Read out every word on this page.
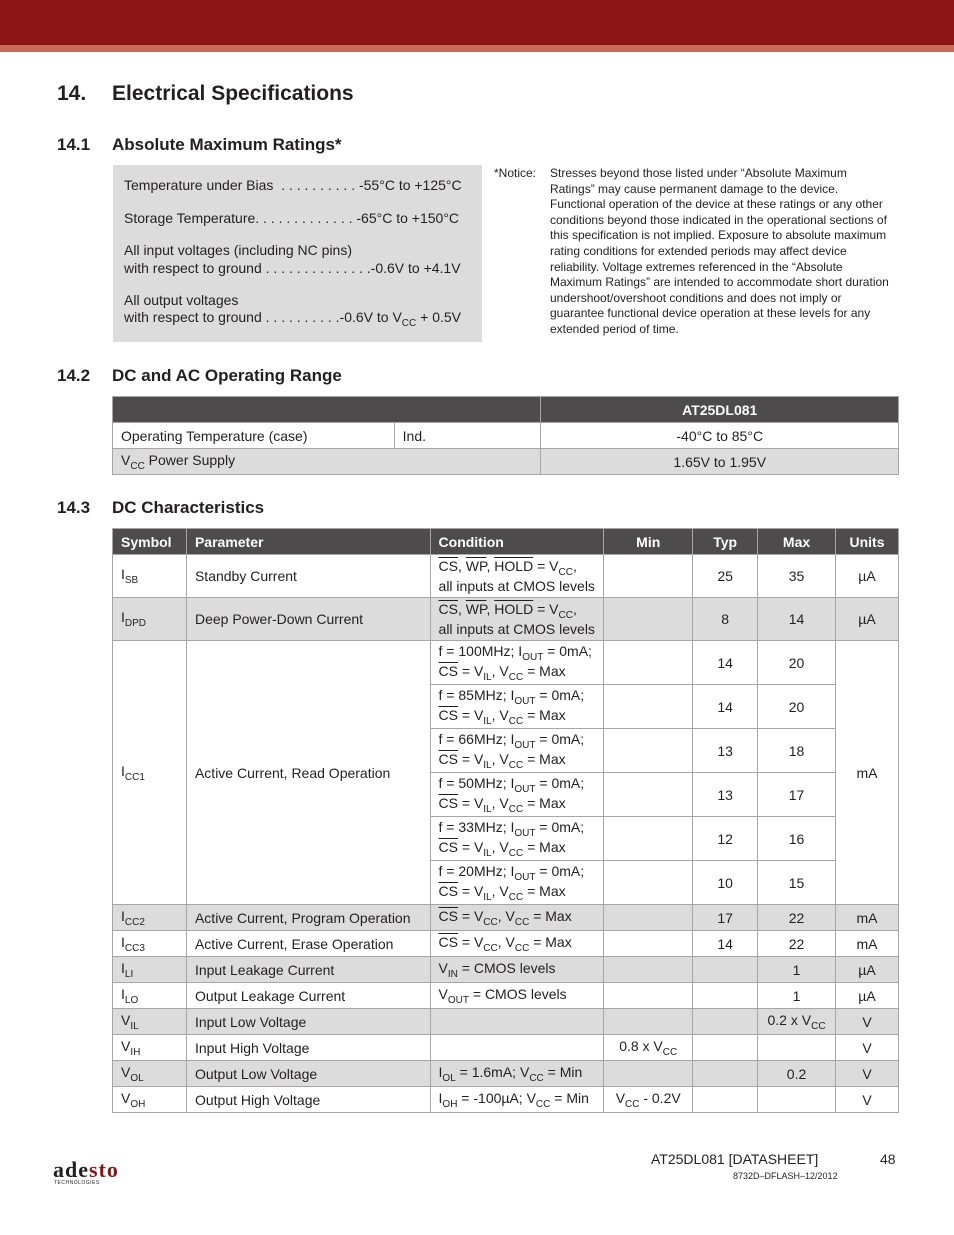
14. Electrical Specifications
14.1 Absolute Maximum Ratings*
Temperature under Bias  . . . . . . . . . . -55°C to +125°C
Storage Temperature. . . . . . . . . . . . . -65°C to +150°C
All input voltages (including NC pins)
with respect to ground . . . . . . . . . . . . . .-0.6V to +4.1V
All output voltages
with respect to ground . . . . . . . . . .-0.6V to $V_{CC} + 0.5V$
*Notice: Stresses beyond those listed under “Absolute Maximum Ratings” may cause permanent damage to the device. Functional operation of the device at these ratings or any other conditions beyond those indicated in the operational sections of this specification is not implied. Exposure to absolute maximum rating conditions for extended periods may affect device reliability. Voltage extremes referenced in the “Absolute Maximum Ratings” are intended to accommodate short duration undershoot/overshoot conditions and does not imply or guarantee functional device operation at these levels for any extended period of time.
14.2 DC and AC Operating Range
		AT25DL081
Operating Temperature (case)	Ind.	-40°C to 85°C
$V_{CC}$ Power Supply		1.65V to 1.95V
14.3 DC Characteristics
Symbol	Parameter	Condition	Min	Typ	Max	Units
$I_{SB}$	Standby Current	$\overline{CS}$, $\overline{WP}$, HOLD = $V_{CC}$,
all inputs at CMOS levels		25	35	µA
$I_{DPD}$	Deep Power-Down Current	$\overline{CS}$, $\overline{WP}$, HOLD = $V_{CC}$,
all inputs at CMOS levels		8	14	µA
$I_{CC1}$	Active Current, Read Operation	f = 100MHz; $I_{OUT} = 0mA$;
$\overline{CS} = V_{IL}$, $V_{CC}$ = Max		14	20	mA
		f = 85MHz; $I_{OUT} = 0mA$;
$\overline{CS} = V_{IL}$, $V_{CC}$ = Max		14	20	
		f = 66MHz; $I_{OUT} = 0mA$;
$\overline{CS} = V_{IL}$, $V_{CC}$ = Max		13	18	
		f = 50MHz; $I_{OUT} = 0mA$;
$\overline{CS} = V_{IL}$, $V_{CC}$ = Max		13	17	
		f = 33MHz; $I_{OUT} = 0mA$;
$\overline{CS} = V_{IL}$, $V_{CC}$ = Max		12	16	
		f = 20MHz; $I_{OUT} = 0mA$;
$\overline{CS} = V_{IL}$, $V_{CC}$ = Max		10	15	
$I_{CC2}$	Active Current, Program Operation	$\overline{CS} = V_{CC}$, $V_{CC}$ = Max		17	22	mA
$I_{CC3}$	Active Current, Erase Operation	$\overline{CS} = V_{CC}$, $V_{CC}$ = Max		14	22	mA
$I_{LI}$	Input Leakage Current	$V_{IN}$ = CMOS levels			1	µA
$I_{LO}$	Output Leakage Current	$V_{OUT}$ = CMOS levels			1	µA
$V_{IL}$	Input Low Voltage				0.2 x $V_{CC}$	V
$V_{IH}$	Input High Voltage		0.8 x $V_{CC}$			V
$V_{OL}$	Output Low Voltage	$I_{OL} = 1.6mA$; $V_{CC}$ = Min			0.2	V
$V_{OH}$	Output High Voltage	$I_{OH} = -100\mu A$; $V_{CC}$ = Min	$V_{CC} - 0.2V$			V
adesto
TECHNOLOGIES
AT25DL081 [DATASHEET]	48
8732D–DFLASH–12/2012
